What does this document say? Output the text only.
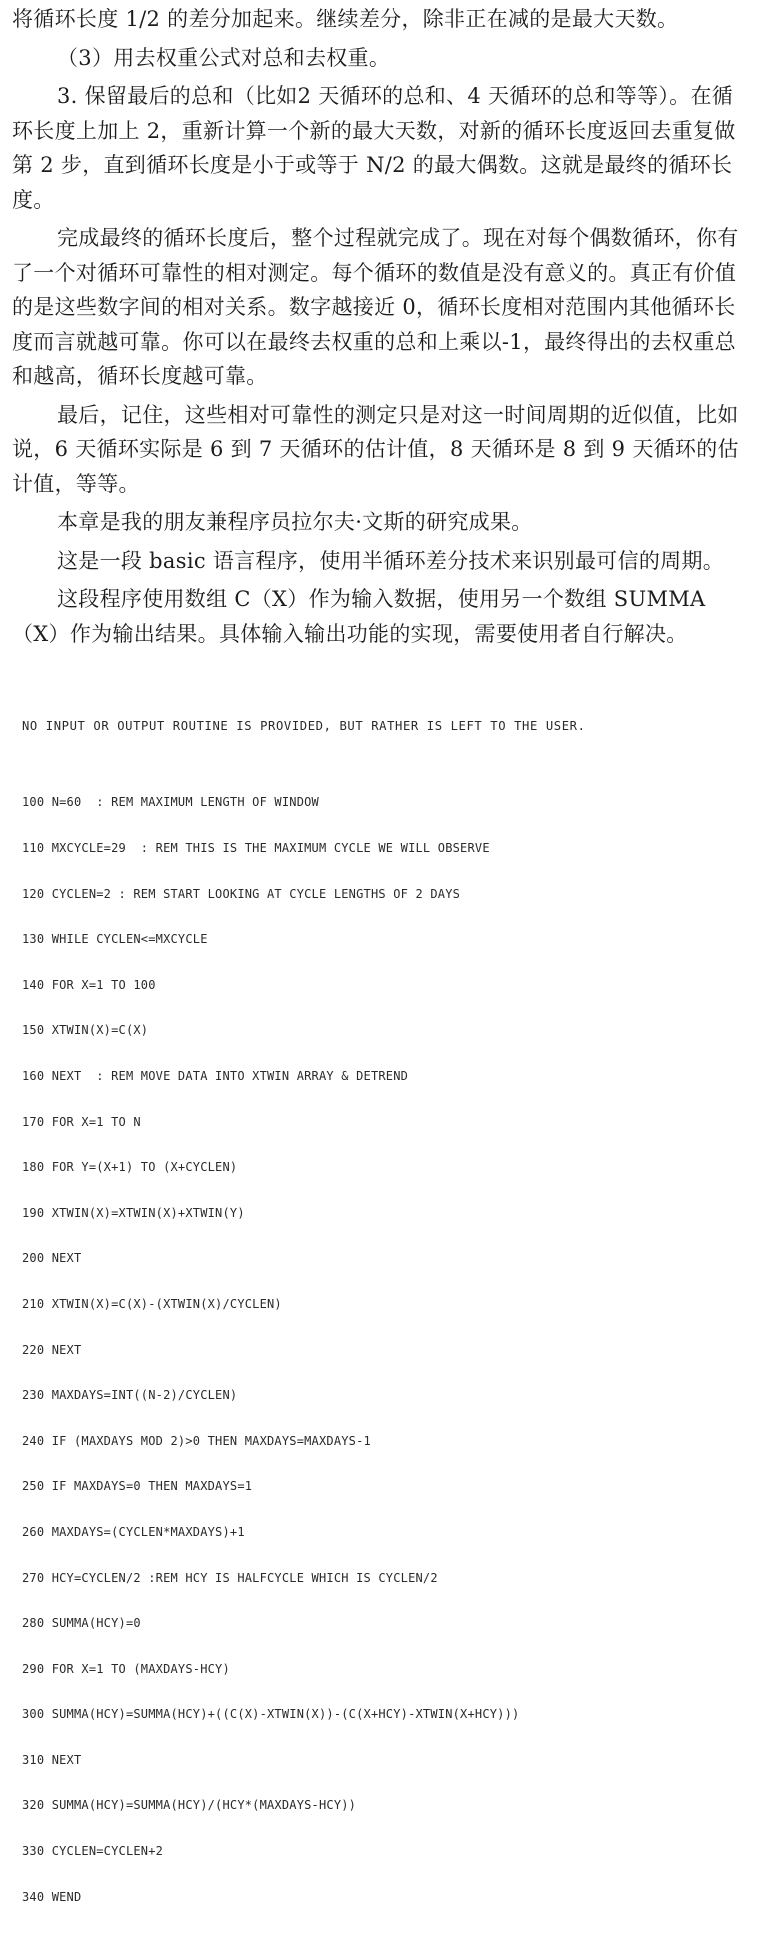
将循环长度 1/2 的差分加起来。继续差分，除非正在减的是最大天数。

（3）用去权重公式对总和去权重。

3. 保留最后的总和（比如2 天循环的总和、4 天循环的总和等等）。在循环长度上加上 2，重新计算一个新的最大天数，对新的循环长度返回去重复做第 2 步，直到循环长度是小于或等于 N/2 的最大偶数。这就是最终的循环长度。

完成最终的循环长度后，整个过程就完成了。现在对每个偶数循环，你有了一个对循环可靠性的相对测定。每个循环的数值是没有意义的。真正有价值的是这些数字间的相对关系。数字越接近 0，循环长度相对范围内其他循环长度而言就越可靠。你可以在最终去权重的总和上乘以-1，最终得出的去权重总和越高，循环长度越可靠。

最后，记住，这些相对可靠性的测定只是对这一时间周期的近似值，比如说，6 天循环实际是 6 到 7 天循环的估计值，8 天循环是 8 到 9 天循环的估计值，等等。

本章是我的朋友兼程序员拉尔夫·文斯的研究成果。

这是一段 basic 语言程序，使用半循环差分技术来识别最可信的周期。

这段程序使用数组 C（X）作为输入数据，使用另一个数组 SUMMA（X）作为输出结果。具体输入输出功能的实现，需要使用者自行解决。

NO INPUT OR OUTPUT ROUTINE IS PROVIDED, BUT RATHER IS LEFT TO THE USER.

100 N=60  : REM MAXIMUM LENGTH OF WINDOW

110 MXCYCLE=29  : REM THIS IS THE MAXIMUM CYCLE WE WILL OBSERVE

120 CYCLEN=2 : REM START LOOKING AT CYCLE LENGTHS OF 2 DAYS

130 WHILE CYCLEN<=MXCYCLE

140 FOR X=1 TO 100

150 XTWIN(X)=C(X)

160 NEXT  : REM MOVE DATA INTO XTWIN ARRAY & DETREND

170 FOR X=1 TO N

180 FOR Y=(X+1) TO (X+CYCLEN)

190 XTWIN(X)=XTWIN(X)+XTWIN(Y)

200 NEXT

210 XTWIN(X)=C(X)-(XTWIN(X)/CYCLEN)

220 NEXT

230 MAXDAYS=INT((N-2)/CYCLEN)

240 IF (MAXDAYS MOD 2)>0 THEN MAXDAYS=MAXDAYS-1

250 IF MAXDAYS=0 THEN MAXDAYS=1

260 MAXDAYS=(CYCLEN*MAXDAYS)+1

270 HCY=CYCLEN/2 :REM HCY IS HALFCYCLE WHICH IS CYCLEN/2

280 SUMMA(HCY)=0

290 FOR X=1 TO (MAXDAYS-HCY)

300 SUMMA(HCY)=SUMMA(HCY)+((C(X)-XTWIN(X))-(C(X+HCY)-XTWIN(X+HCY)))

310 NEXT

320 SUMMA(HCY)=SUMMA(HCY)/(HCY*(MAXDAYS-HCY))

330 CYCLEN=CYCLEN+2

340 WEND
